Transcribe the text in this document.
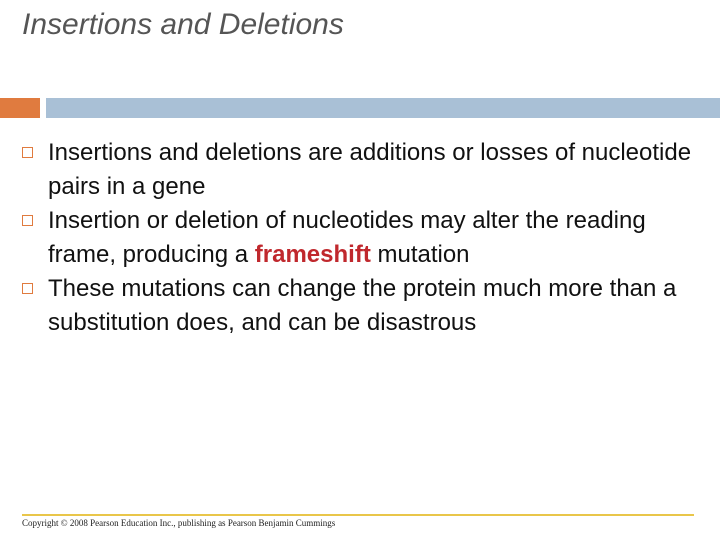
Insertions and Deletions
Insertions and deletions are additions or losses of nucleotide pairs in a gene
Insertion or deletion of nucleotides may alter the reading frame, producing a frameshift mutation
These mutations can change the protein much more than a substitution does, and can be disastrous
Copyright © 2008 Pearson Education Inc., publishing as Pearson Benjamin Cummings
